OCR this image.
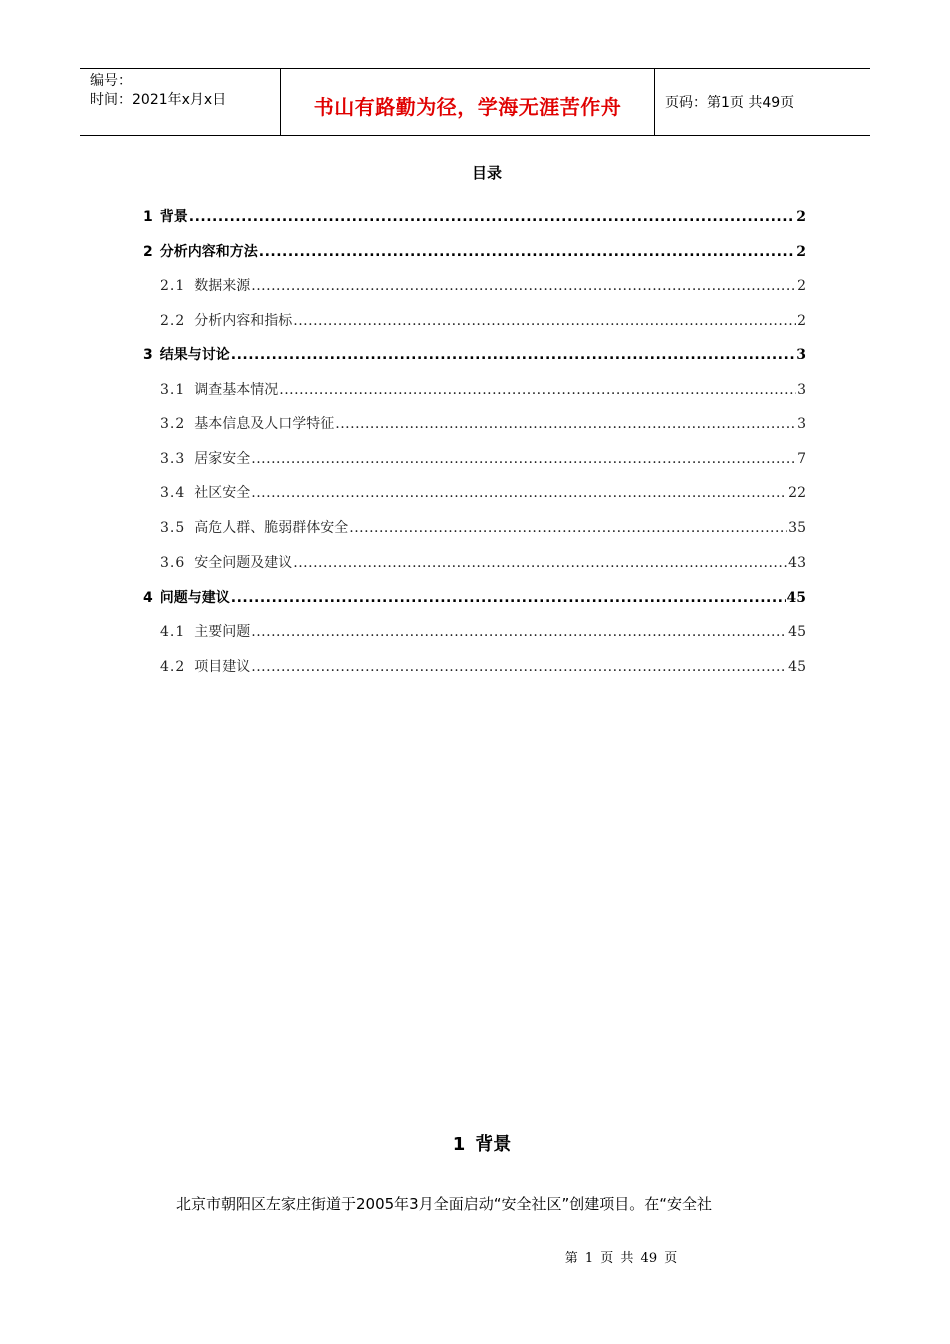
编号：
时间：2021年x月x日	书山有路勤为径，学海无涯苦作舟	页码：第1页 共49页
目录
1 背景 .....	2
2 分析内容和方法 .....	2
2.1 数据来源 .....	2
2.2 分析内容和指标 .....	2
3 结果与讨论 .....	3
3.1 调查基本情况 .....	3
3.2 基本信息及人口学特征 .....	3
3.3 居家安全 .....	7
3.4 社区安全 .....	22
3.5 高危人群、脆弱群体安全 .....	35
3.6 安全问题及建议 .....	43
4 问题与建议 .....	45
4.1 主要问题 .....	45
4.2 项目建议 .....	45
1 背景
北京市朝阳区左家庄街道于2005年3月全面启动“安全社区”创建项目。在“安全社
第 1 页 共 49 页
